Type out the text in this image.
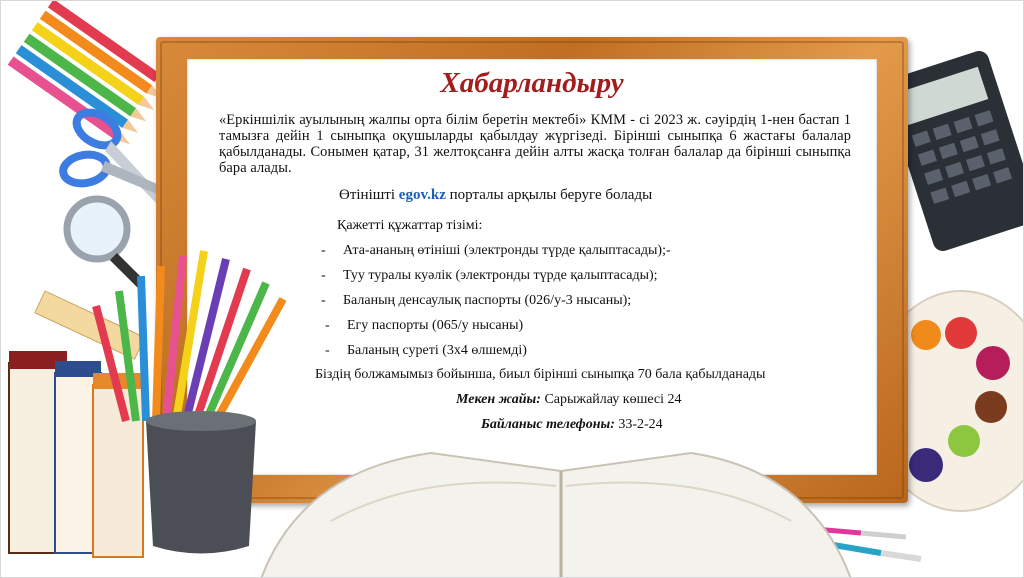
Хабарландыру
«Еркіншілік ауылының жалпы орта білім беретін мектебі» КММ - сі 2023 ж. сәуірдің 1-нен бастап 1 тамызға дейін 1 сыныпқа оқушыларды қабылдау жүргізеді. Бірінші сыныпқа 6 жастағы балалар қабылданады. Сонымен қатар, 31 желтоқсанға дейін алты жасқа толған балалар да бірінші сыныпқа бара алады.
Өтінішті egov.kz порталы арқылы беруге болады
Қажетті құжаттар тізімі:
- Ата-ананың өтініші (электронды түрде қалыптасады);-
- Туу туралы куәлік (электронды түрде қалыптасады);
- Баланың денсаулық паспорты (026/у-3 нысаны);
- Егу паспорты (065/у нысаны)
- Баланың суреті (3х4 өлшемді)
Біздің болжамымыз бойынша, биыл бірінші сыныпқа 70 бала қабылданады
Мекен жайы: Сарыжайлау көшесі 24
Байланыс телефоны: 33-2-24
